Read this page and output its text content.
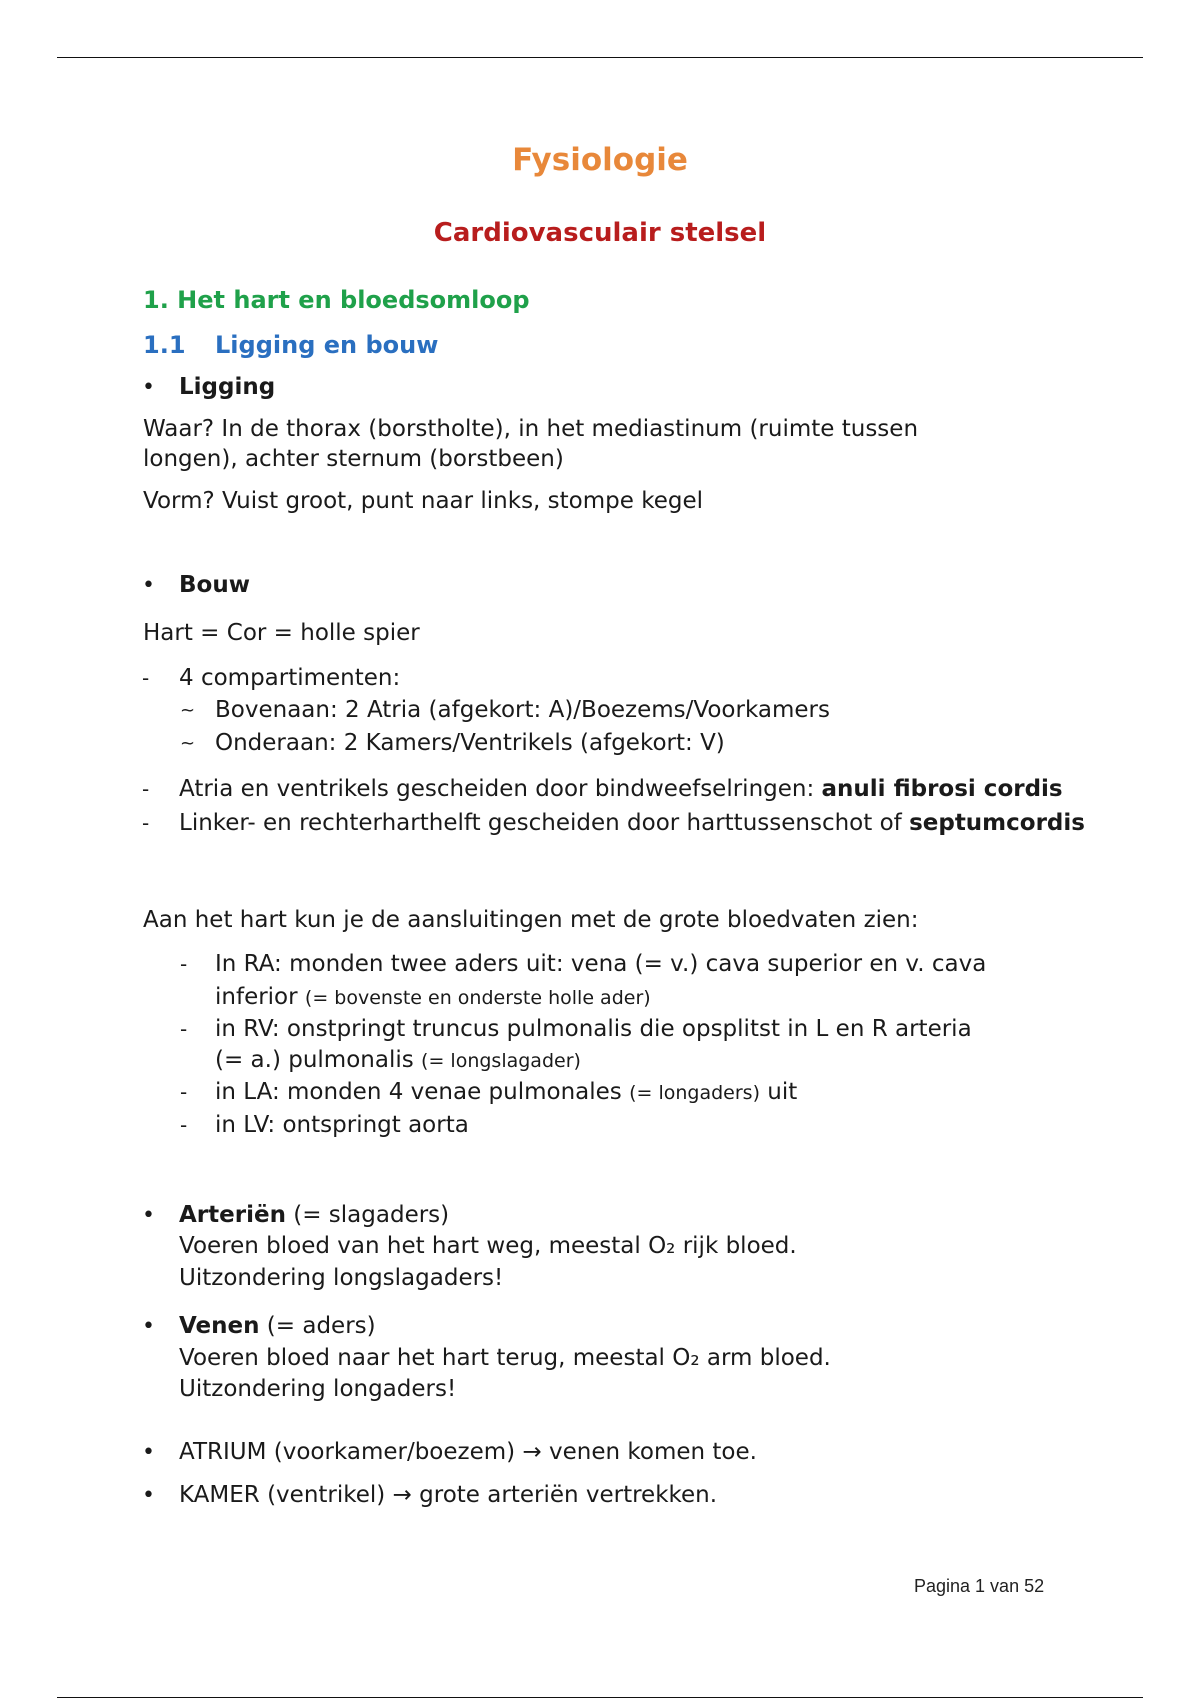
Fysiologie
Cardiovasculair stelsel
1. Het hart en bloedsomloop
1.1 Ligging en bouw
• Ligging
Waar? In de thorax (borstholte), in het mediastinum (ruimte tussen
longen), achter sternum (borstbeen)
Vorm? Vuist groot, punt naar links, stompe kegel
• Bouw
Hart = Cor = holle spier
- 4 compartimenten:
~ Bovenaan: 2 Atria (afgekort: A)/Boezems/Voorkamers
~ Onderaan: 2 Kamers/Ventrikels (afgekort: V)
- Atria en ventrikels gescheiden door bindweefselringen: anuli fibrosi cordis
- Linker- en rechterharthelft gescheiden door harttussenschot of septumcordis
Aan het hart kun je de aansluitingen met de grote bloedvaten zien:
- In RA: monden twee aders uit: vena (= v.) cava superior en v. cava
inferior (= bovenste en onderste holle ader)
- in RV: onstpringt truncus pulmonalis die opsplitst in L en R arteria
(= a.) pulmonalis (= longslagader)
- in LA: monden 4 venae pulmonales (= longaders) uit
- in LV: ontspringt aorta
• Arteriën (= slagaders)
Voeren bloed van het hart weg, meestal O₂ rijk bloed.
Uitzondering longslagaders!
• Venen (= aders)
Voeren bloed naar het hart terug, meestal O₂ arm bloed.
Uitzondering longaders!
• ATRIUM (voorkamer/boezem) → venen komen toe.
• KAMER (ventrikel) → grote arteriën vertrekken.
Pagina 1 van 52
